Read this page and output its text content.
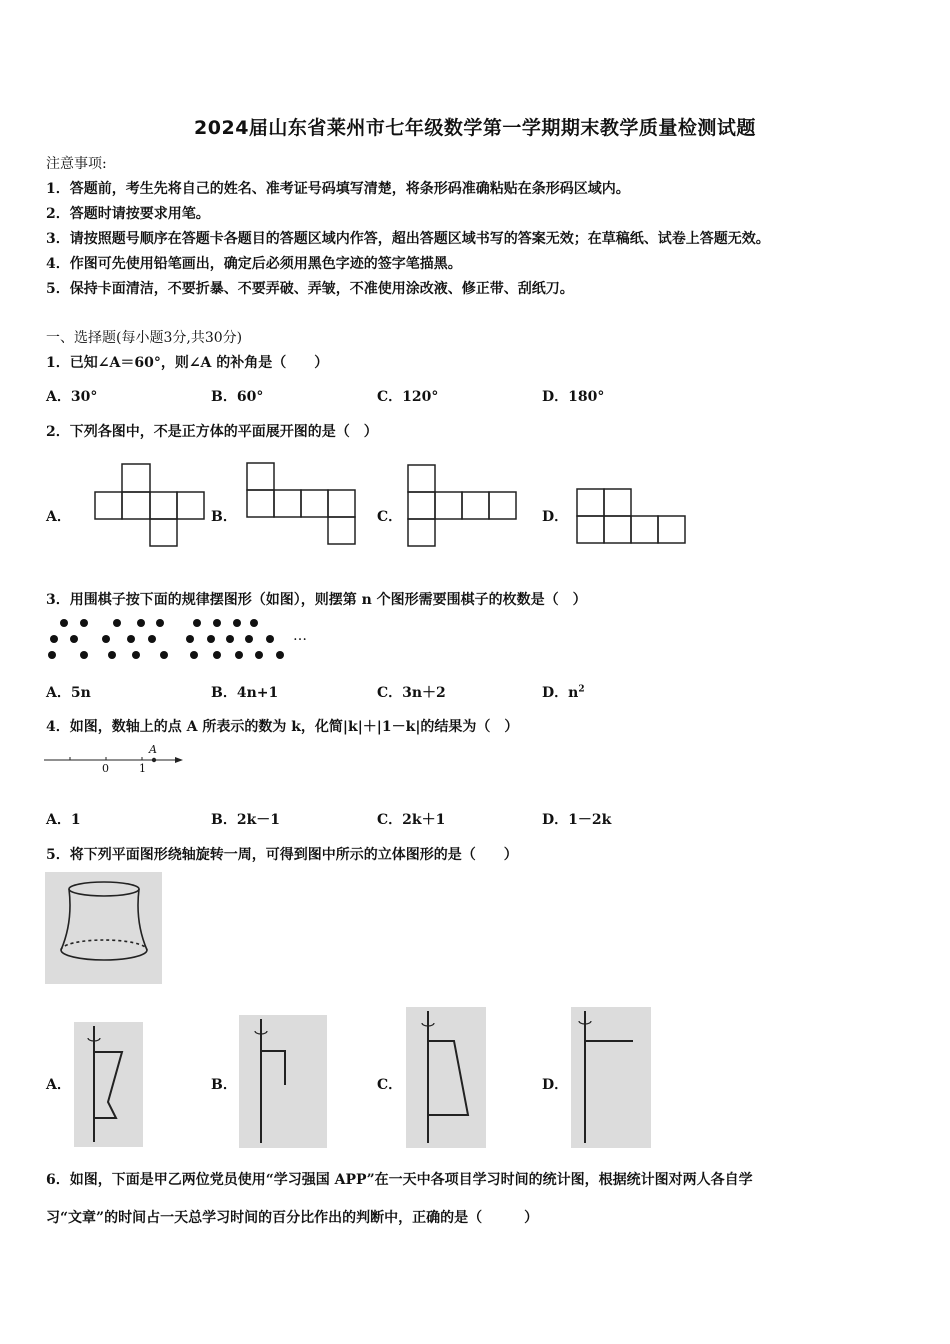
2024届山东省莱州市七年级数学第一学期期末教学质量检测试题
注意事项:
1．答题前，考生先将自己的姓名、准考证号码填写清楚，将条形码准确粘贴在条形码区域内。
2．答题时请按要求用笔。
3．请按照题号顺序在答题卡各题目的答题区域内作答，超出答题区域书写的答案无效；在草稿纸、试卷上答题无效。
4．作图可先使用铅笔画出，确定后必须用黑色字迹的签字笔描黑。
5．保持卡面清洁，不要折暴、不要弄破、弄皱，不准使用涂改液、修正带、刮纸刀。
一、选择题(每小题3分,共30分)
1．已知∠A＝60°，则∠A 的补角是（　　）
A．30°	B．60°	C．120°	D．180°
2．下列各图中，不是正方体的平面展开图的是（　）
A．	B．	C．	D．
3．用围棋子按下面的规律摆图形（如图），则摆第 n 个图形需要围棋子的枚数是（　）
…
A．5n	B．4n+1	C．3n＋2	D．$n^2$
4．如图，数轴上的点 A 所表示的数为 k，化简|k|＋|1－k|的结果为（　）
0	1
A
A．1	B．2k－1	C．2k＋1	D．1－2k
5．将下列平面图形绕轴旋转一周，可得到图中所示的立体图形的是（　　）
A．	B．	C．	D．
6．如图，下面是甲乙两位党员使用“学习强国 APP”在一天中各项目学习时间的统计图，根据统计图对两人各自学
习“文章”的时间占一天总学习时间的百分比作出的判断中，正确的是（　　　）
